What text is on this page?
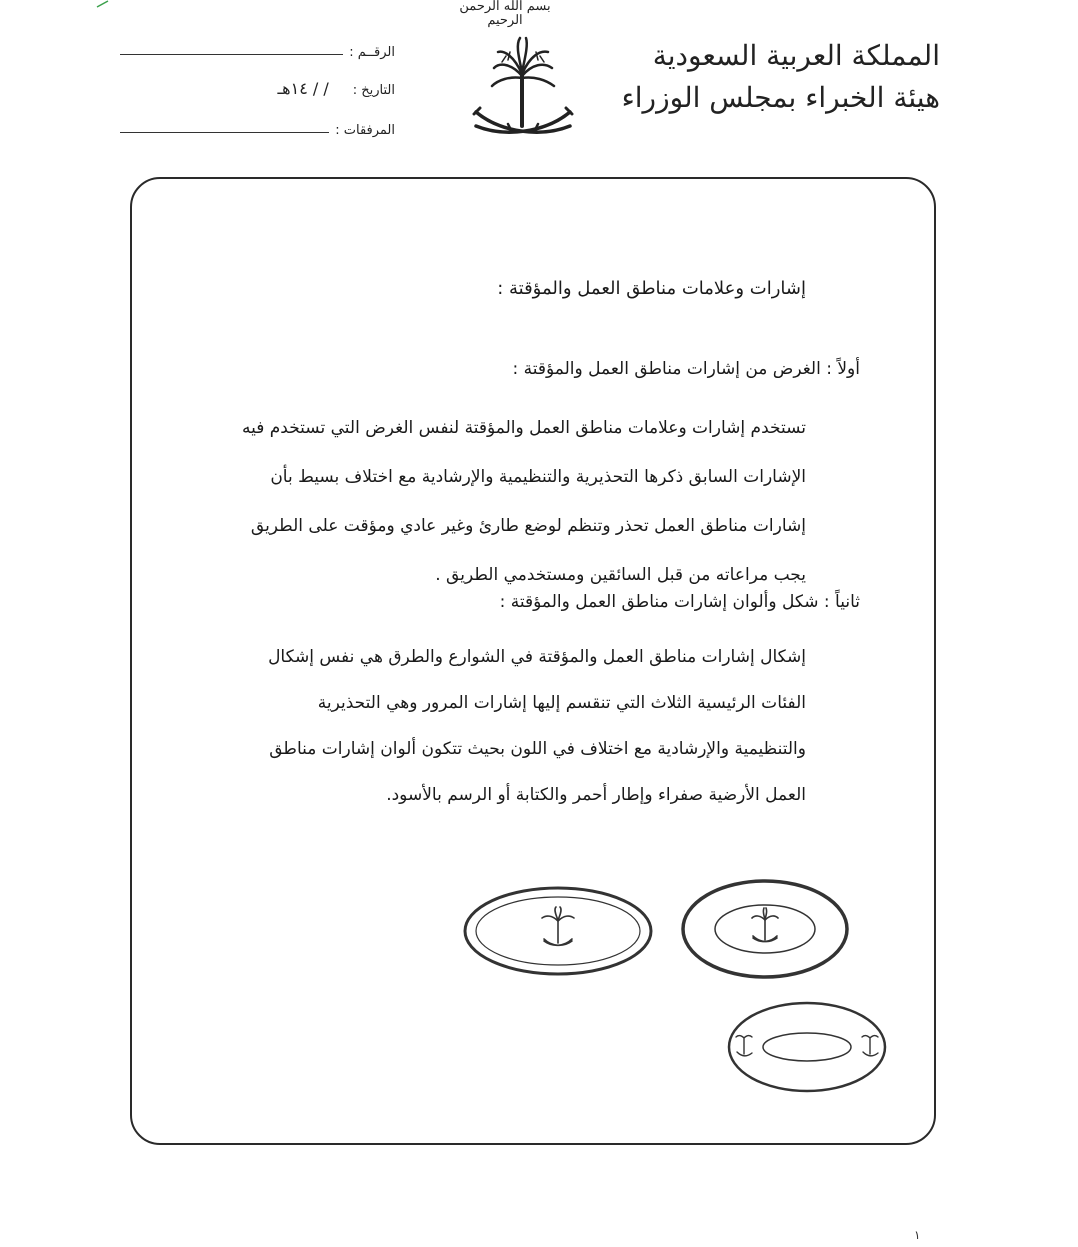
بسم الله الرحمن الرحيم
المملكة العربية السعودية
هيئة الخبراء بمجلس الوزراء
الرقــم :
التاريخ :
/ / ١٤هـ
المرفقات :
إشارات وعلامات مناطق العمل والمؤقتة :
أولاً : الغرض من إشارات مناطق العمل والمؤقتة :
تستخدم إشارات وعلامات مناطق العمل والمؤقتة لنفس الغرض التي تستخدم فيه
الإشارات السابق ذكرها التحذيرية والتنظيمية والإرشادية مع اختلاف بسيط بأن
إشارات مناطق العمل تحذر وتنظم لوضع طارئ وغير عادي ومؤقت على الطريق
يجب مراعاته من قبل السائقين ومستخدمي الطريق .
ثانياً : شكل وألوان إشارات مناطق العمل والمؤقتة :
إشكال إشارات مناطق العمل والمؤقتة في الشوارع والطرق هي نفس إشكال
الفئات الرئيسية الثلاث التي تنقسم إليها إشارات المرور وهي التحذيرية
والتنظيمية والإرشادية مع اختلاف في اللون بحيث تتكون ألوان إشارات مناطق
العمل الأرضية صفراء وإطار أحمر والكتابة أو الرسم بالأسود.
١
